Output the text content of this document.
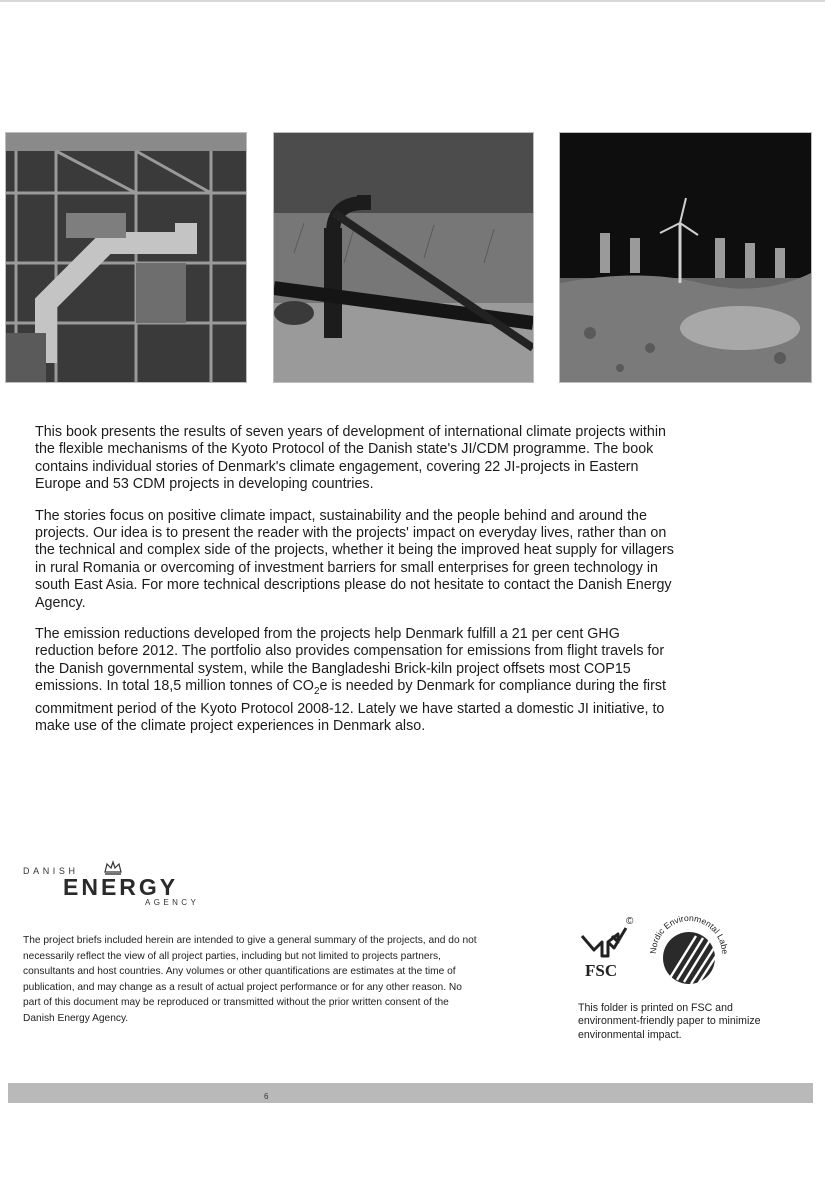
This book presents the results of seven years of development of international climate projects within the flexible mechanisms of the Kyoto Protocol of the Danish state's JI/CDM programme. The book contains individual stories of Denmark's climate engagement, covering 22 JI-projects in Eastern Europe and 53 CDM projects in developing countries.

The stories focus on positive climate impact, sustainability and the people behind and around the projects. Our idea is to present the reader with the projects' impact on everyday lives, rather than on the technical and complex side of the projects, whether it being the improved heat supply for villagers in rural Romania or overcoming of investment barriers for small enterprises for green technology in south East Asia. For more technical descriptions please do not hesitate to contact the Danish Energy Agency.

The emission reductions developed from the projects help Denmark fulfill a 21 per cent GHG reduction before 2012. The portfolio also provides compensation for emissions from flight travels for the Danish governmental system, while the Bangladeshi Brick-kiln project offsets most COP15 emissions. In total 18,5 million tonnes of $CO_2e$ is needed by Denmark for compliance during the first commitment period of the Kyoto Protocol 2008-12. Lately we have started a domestic JI initiative, to make use of the climate project experiences in Denmark also.

DANISH
ENERGY
AGENCY
The project briefs included herein are intended to give a general summary of the projects, and do not necessarily reflect the view of all project parties, including but not limited to projects partners, consultants and host countries. Any volumes or other quantifications are estimates at the time of publication, and may change as a result of actual project performance or for any other reason. No part of this document may be reproduced or transmitted without the prior written consent of the Danish Energy Agency.
©
FSC
Nordic Environmental Labe
This folder is printed on FSC and environment-friendly paper to minimize environmental impact.
6
